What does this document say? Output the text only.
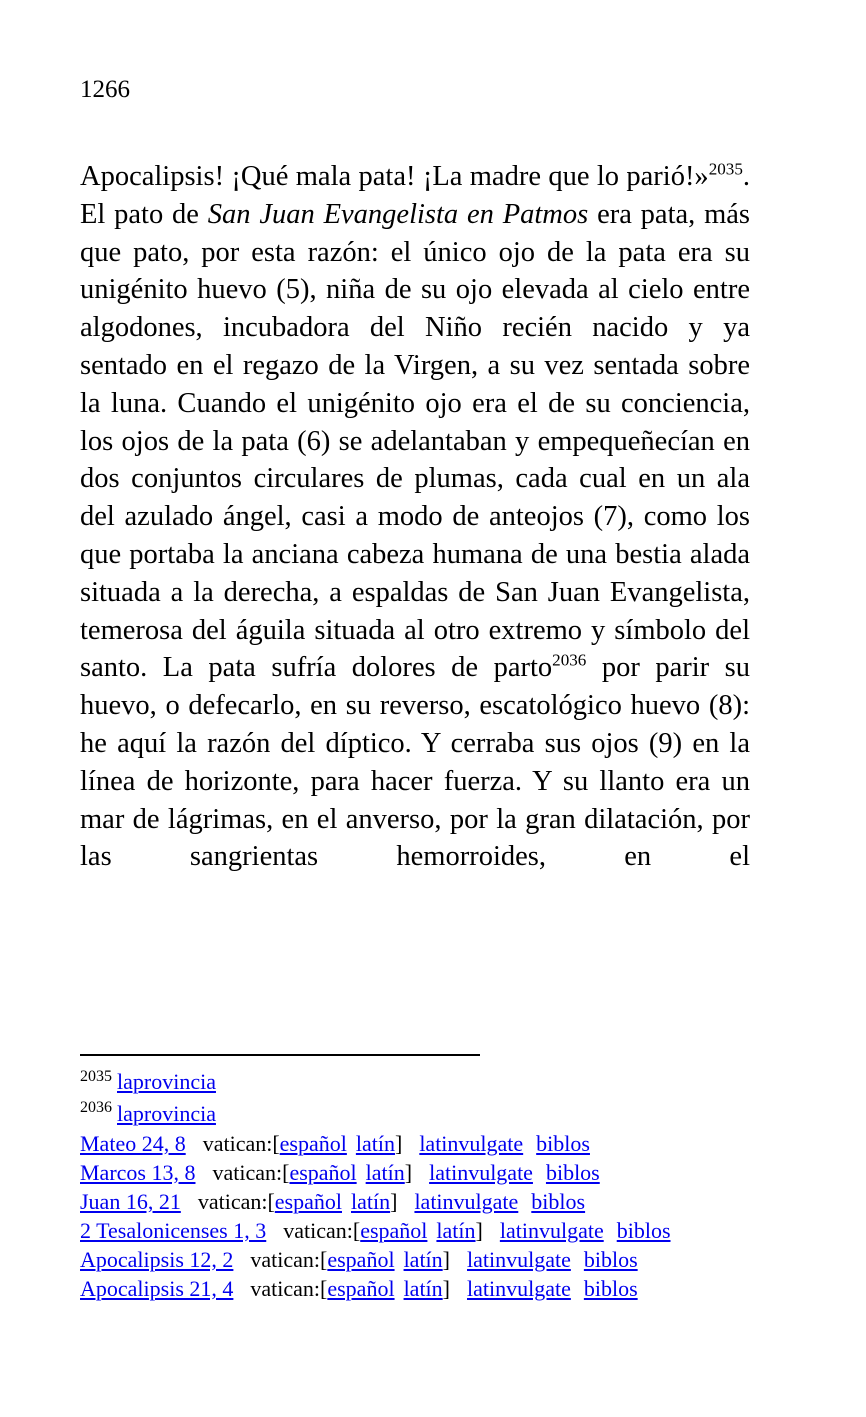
1266

Apocalipsis! ¡Qué mala pata! ¡La madre que lo parió!»$^{2035}$. El pato de San Juan Evangelista en Patmos era pata, más que pato, por esta razón: el único ojo de la pata era su unigénito huevo (5), niña de su ojo elevada al cielo entre algodones, incubadora del Niño recién nacido y ya sentado en el regazo de la Virgen, a su vez sentada sobre la luna. Cuando el unigénito ojo era el de su conciencia, los ojos de la pata (6) se adelantaban y empequeñecían en dos conjuntos circulares de plumas, cada cual en un ala del azulado ángel, casi a modo de anteojos (7), como los que portaba la anciana cabeza humana de una bestia alada situada a la derecha, a espaldas de San Juan Evangelista, temerosa del águila situada al otro extremo y símbolo del santo. La pata sufría dolores de parto$^{2036}$ por parir su huevo, o defecarlo, en su reverso, escatológico huevo (8): he aquí la razón del díptico. Y cerraba sus ojos (9) en la línea de horizonte, para hacer fuerza. Y su llanto era un mar de lágrimas, en el anverso, por la gran dilatación, por las sangrientas hemorroides, en el

$^{2035}$ laprovincia
$^{2036}$ laprovincia
Mateo 24, 8 vatican:[español latín] latinvulgate biblos
Marcos 13, 8 vatican:[español latín] latinvulgate biblos
Juan 16, 21 vatican:[español latín] latinvulgate biblos
2 Tesalonicenses 1, 3 vatican:[español latín] latinvulgate biblos
Apocalipsis 12, 2 vatican:[español latín] latinvulgate biblos
Apocalipsis 21, 4 vatican:[español latín] latinvulgate biblos
